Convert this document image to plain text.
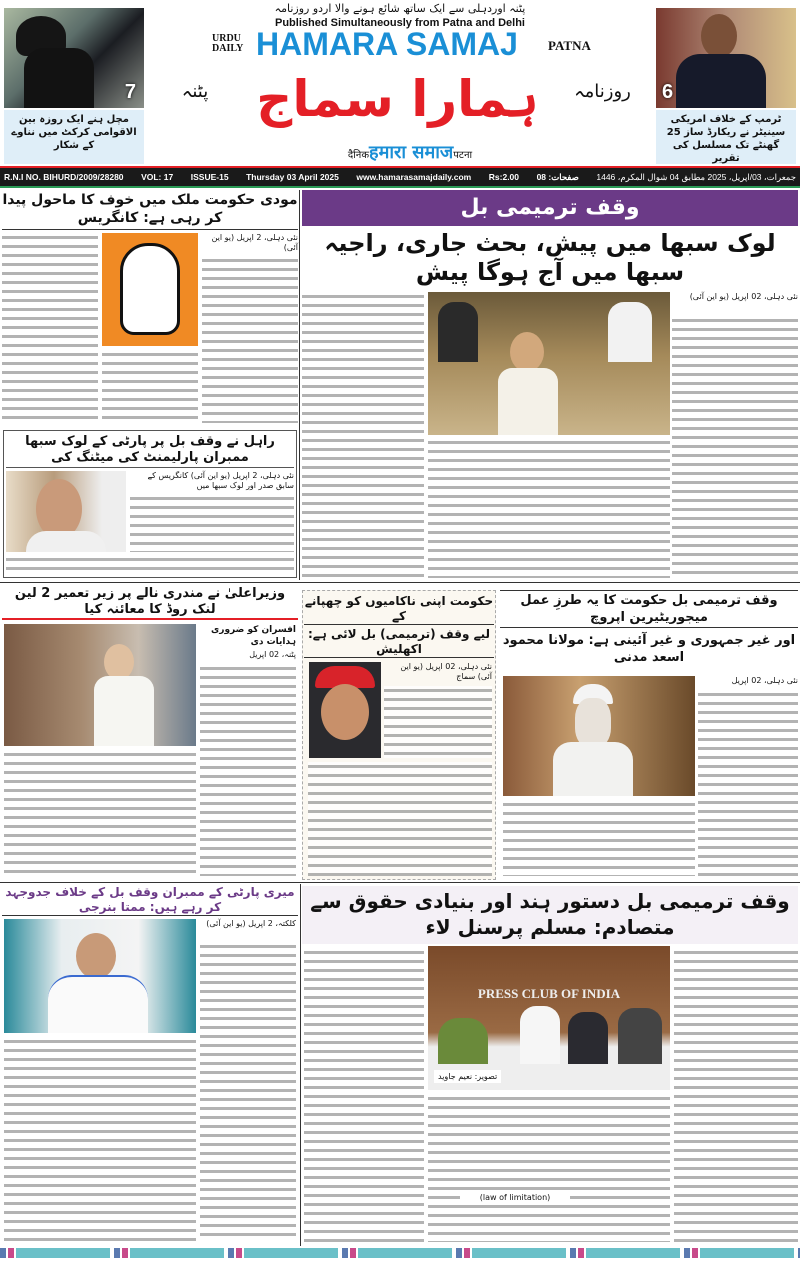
7
مچل ہنے ایک روزہ بین الاقوامی کرکٹ میں نناوے کے شکار
6
ٹرمپ کے خلاف امریکی سینیٹر نے ریکارڈ ساز 25 گھنٹے تک مسلسل کی تقریر
پٹنہ اوردہلی سے ایک ساتھ شائع ہونے والا اردو روزنامہ
Published Simultaneously from Patna and Delhi
URDU DAILY HAMARA SAMAJ PATNA
پٹنہ ہمارا سماج	روزنامہ
दैनिकहमारा समाजपटना
R.N.I NO. BIHURD/2009/28280 VOL: 17 ISSUE-15 Thursday 03 April 2025 www.hamarasamajdaily.com Rs:2.00 صفحات: 08 جمعرات، 03/اپریل، 2025 مطابق 04 شوال المکرم، 1446
مودی حکومت ملک میں خوف کا ماحول پیدا کر رہی ہے: کانگریس
نئی دہلی، 2 اپریل (یو این آئی)
راہل نے وقف بل پر پارٹی کے لوک سبھا ممبران پارلیمنٹ کی میٹنگ کی
نئی دہلی، 2 اپریل (یو این آئی) کانگریس کے سابق صدر اور لوک سبھا میں
وقف ترمیمی بل
لوک سبھا میں پیش، بحث جاری، راجیہ سبھا میں آج ہوگا پیش
نئی دہلی، 02 اپریل (یو این آئی)
وزیراعلیٰ نے مندری نالے پر زیر تعمیر 2 لین لنک روڈ کا معائنہ کیا
افسران کو ضروری ہدایات دی
پٹنہ، 02 اپریل
حکومت اپنی ناکامیوں کو چھپانے کے
لیے وقف (ترمیمی) بل لائی ہے: اکھلیش
نئی دہلی، 02 اپریل (یو این آئی) سماج
وقف ترمیمی بل حکومت کا یہ طرزِ عمل میجوریٹیرین اپروچ
اور غیر جمہوری و غیر آئینی ہے: مولانا محمود اسعد مدنی
نئی دہلی، 02 اپریل
میری پارٹی کے ممبران وقف بل کے خلاف جدوجہد کر رہے ہیں: ممتا بنرجی
کلکتہ، 2 اپریل (یو این آئی)
وقف ترمیمی بل دستور ہند اور بنیادی حقوق سے متصادم: مسلم پرسنل لاء
PRESS CLUB OF INDIA
تصویر: نعیم جاوید
(law of limitation)
